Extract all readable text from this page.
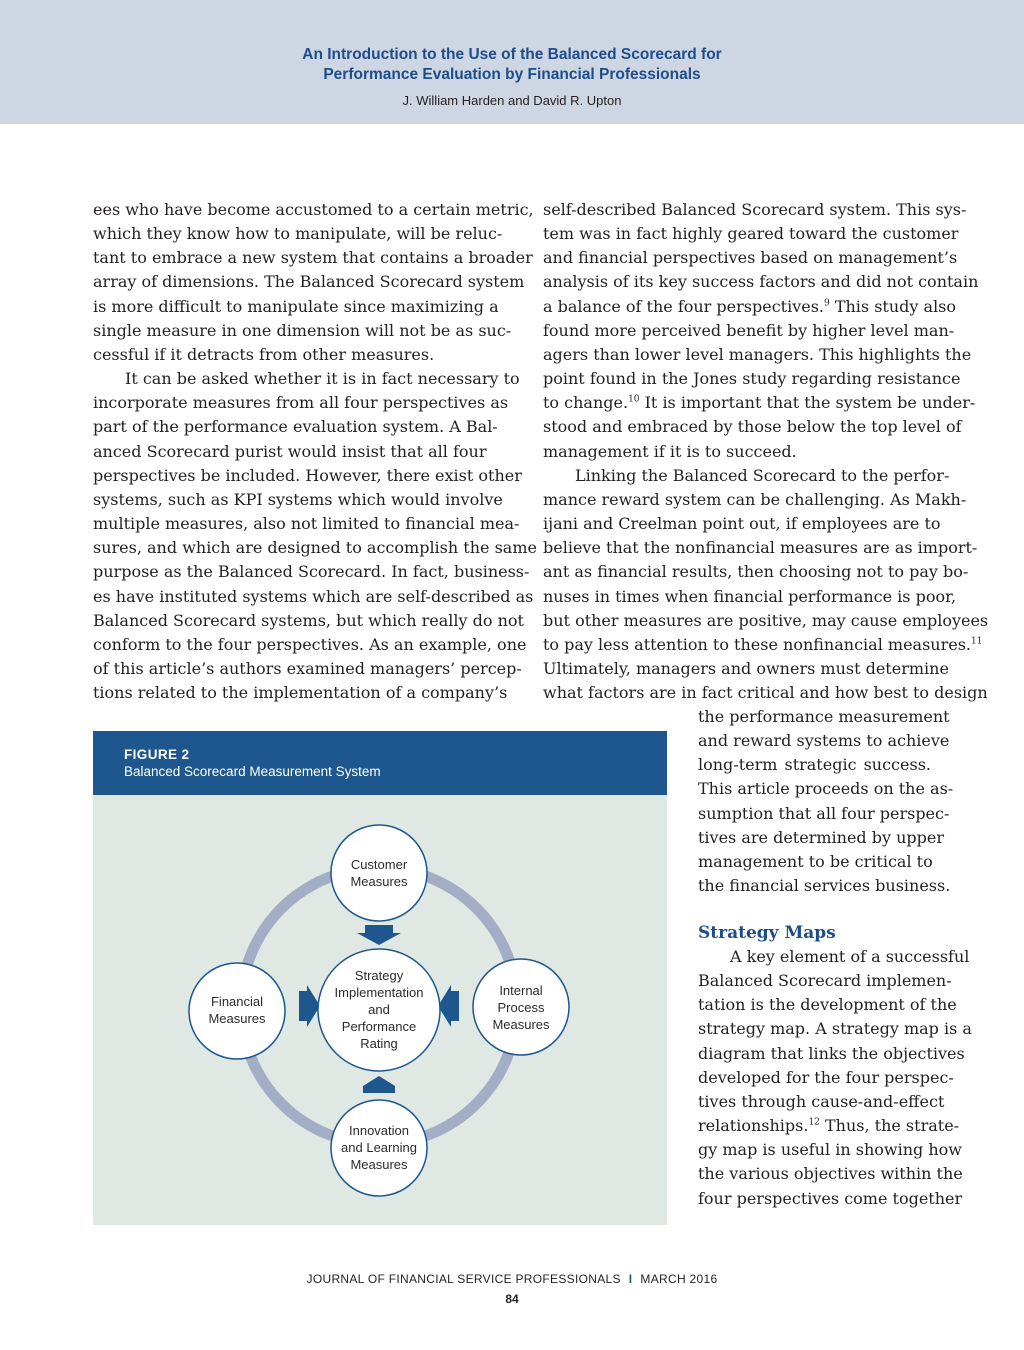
An Introduction to the Use of the Balanced Scorecard for
Performance Evaluation by Financial Professionals
J. William Harden and David R. Upton
ees who have become accustomed to a certain metric,
which they know how to manipulate, will be reluc-
tant to embrace a new system that contains a broader
array of dimensions. The Balanced Scorecard system
is more difficult to manipulate since maximizing a
single measure in one dimension will not be as suc-
cessful if it detracts from other measures.
It can be asked whether it is in fact necessary to
incorporate measures from all four perspectives as
part of the performance evaluation system. A Bal-
anced Scorecard purist would insist that all four
perspectives be included. However, there exist other
systems, such as KPI systems which would involve
multiple measures, also not limited to financial mea-
sures, and which are designed to accomplish the same
purpose as the Balanced Scorecard. In fact, business-
es have instituted systems which are self-described as
Balanced Scorecard systems, but which really do not
conform to the four perspectives. As an example, one
of this article’s authors examined managers’ percep-
tions related to the implementation of a company’s
self-described Balanced Scorecard system. This sys-
tem was in fact highly geared toward the customer
and financial perspectives based on management’s
analysis of its key success factors and did not contain
a balance of the four perspectives.$^9$ This study also
found more perceived benefit by higher level man-
agers than lower level managers. This highlights the
point found in the Jones study regarding resistance
to change.$^{10}$ It is important that the system be under-
stood and embraced by those below the top level of
management if it is to succeed.
Linking the Balanced Scorecard to the perfor-
mance reward system can be challenging. As Makh-
ijani and Creelman point out, if employees are to
believe that the nonfinancial measures are as import-
ant as financial results, then choosing not to pay bo-
nuses in times when financial performance is poor,
but other measures are positive, may cause employees
to pay less attention to these nonfinancial measures.$^{11}$
Ultimately, managers and owners must determine
what factors are in fact critical and how best to design
the performance measurement
and reward systems to achieve
long-term strategic success.
This article proceeds on the as-
sumption that all four perspec-
tives are determined by upper
management to be critical to
the financial services business.
Strategy Maps
A key element of a successful
Balanced Scorecard implemen-
tation is the development of the
strategy map. A strategy map is a
diagram that links the objectives
developed for the four perspec-
tives through cause-and-effect
relationships.$^{12}$ Thus, the strate-
gy map is useful in showing how
the various objectives within the
four perspectives come together
FIGURE 2
Balanced Scorecard Measurement System
Customer
Measures
Financial
Measures
Internal
Process
Measures
Innovation
and Learning
Measures
Strategy
Implementation
and
Performance
Rating
JOURNAL OF FINANCIAL SERVICE PROFESSIONALS I MARCH 2016
84
